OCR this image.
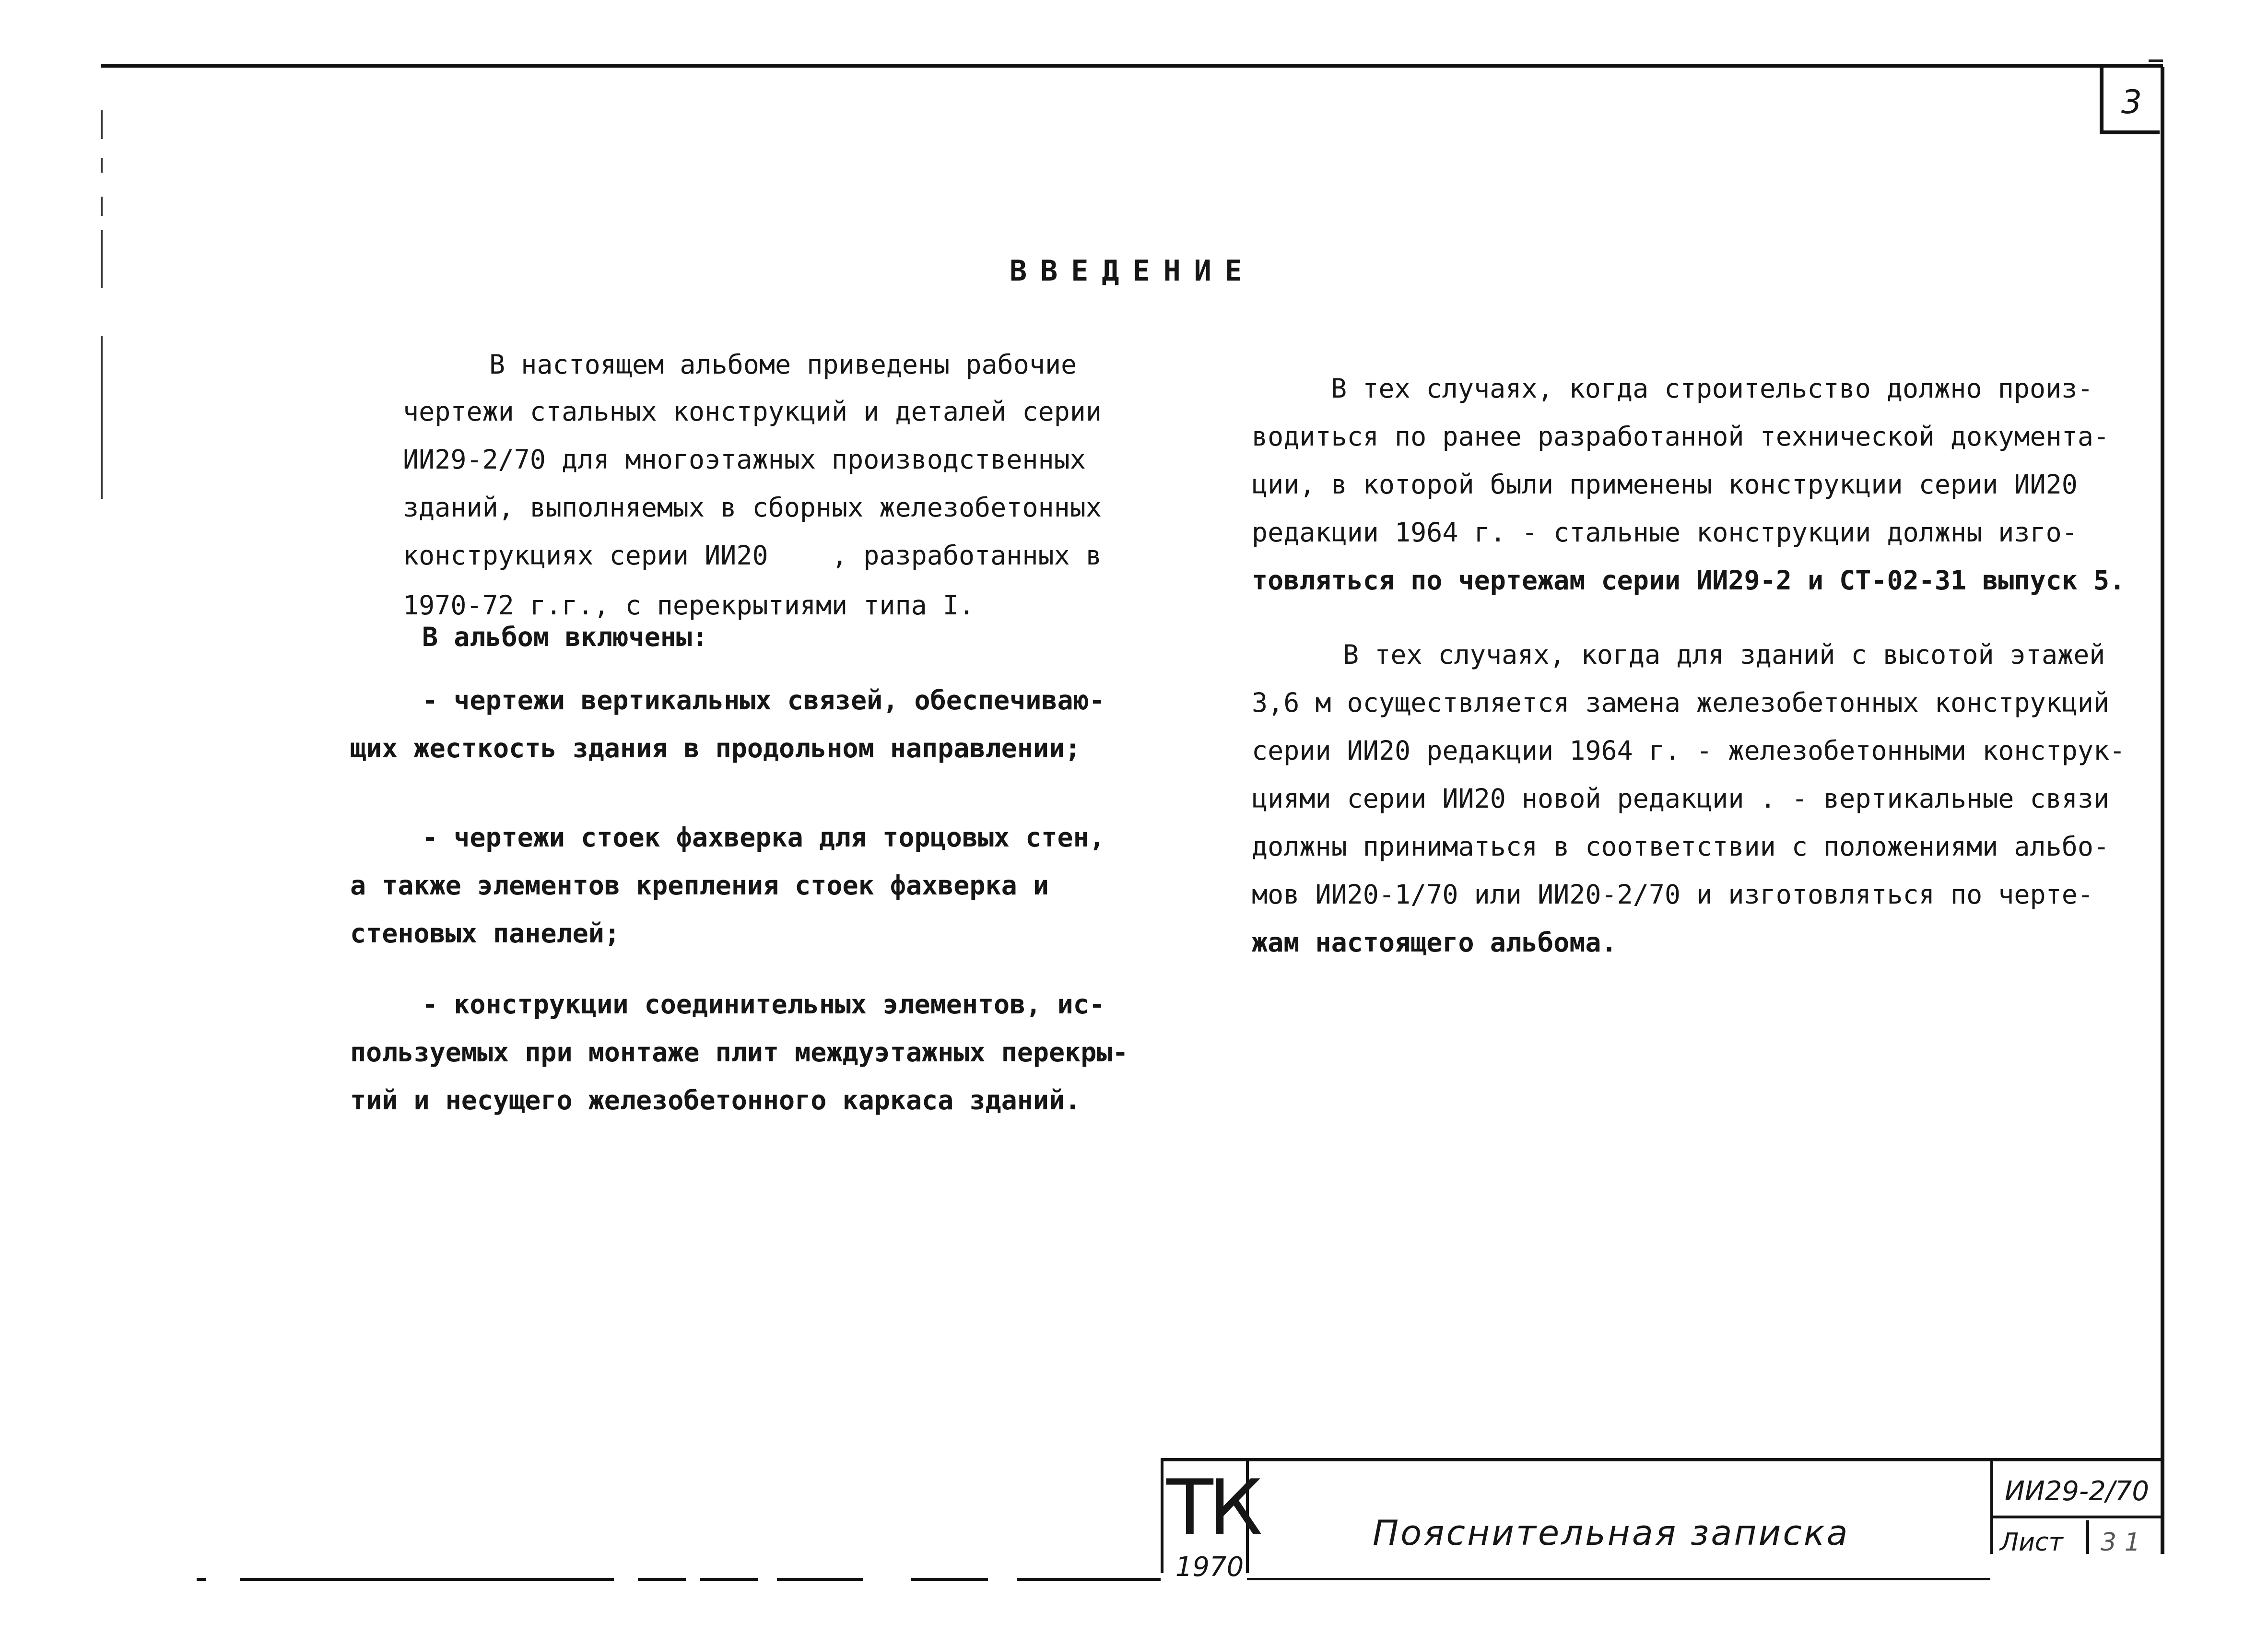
3
ВВЕДЕНИЕ
В настоящем альбоме приведены рабочие
чертежи стальных конструкций и деталей серии
ИИ29-2/70 для многоэтажных производственных
зданий, выполняемых в сборных железобетонных
конструкциях серии ИИ20    , разработанных в
1970-72 г.г., с перекрытиями типа I.
В альбом включены:
- чертежи вертикальных связей, обеспечиваю-
щих жесткость здания в продольном направлении;
- чертежи стоек фахверка для торцовых стен,
а также элементов крепления стоек фахверка и
стеновых панелей;
- конструкции соединительных элементов, ис-
пользуемых при монтаже плит междуэтажных перекры-
тий и несущего железобетонного каркаса зданий.
В тех случаях, когда строительство должно произ-
водиться по ранее разработанной технической документа-
ции, в которой были применены конструкции серии ИИ20
редакции 1964 г. - стальные конструкции должны изго-
товляться по чертежам серии ИИ29-2 и СТ-02-31 выпуск 5.
В тех случаях, когда для зданий с высотой этажей
3,6 м осуществляется замена железобетонных конструкций
серии ИИ20 редакции 1964 г. - железобетонными конструк-
циями серии ИИ20 новой редакции . - вертикальные связи
должны приниматься в соответствии с положениями альбо-
мов ИИ20-1/70 или ИИ20-2/70 и изготовляться по черте-
жам настоящего альбома.
ТК
1970
Пояснительная записка
ИИ29-2/70
Лист 3 1
